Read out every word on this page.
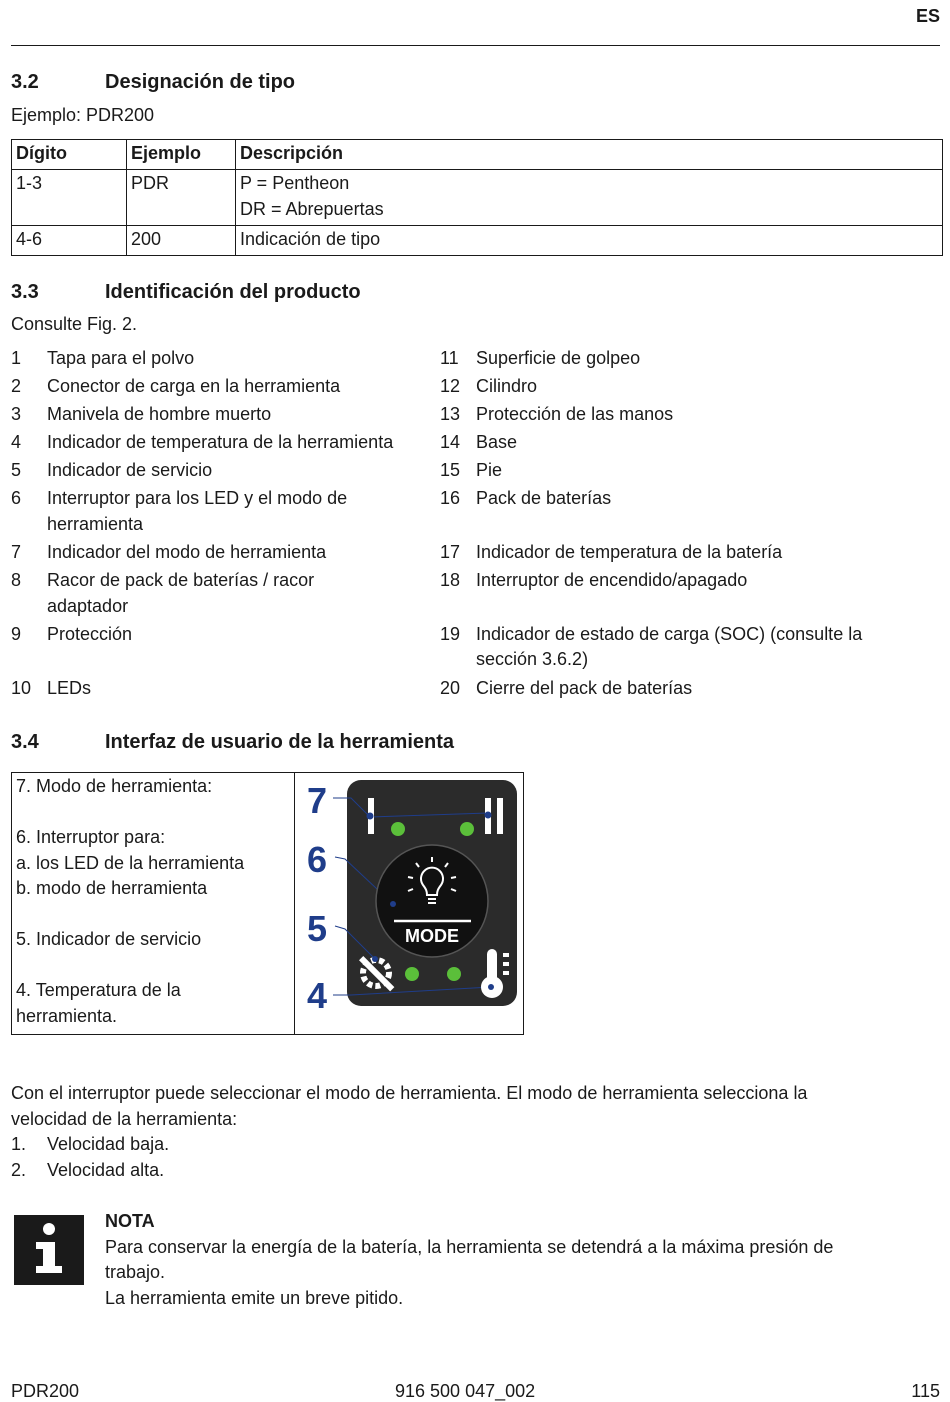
ES
3.2	Designación de tipo
Ejemplo: PDR200
Dígito	Ejemplo	Descripción
1-3	PDR	P = Pentheon
DR = Abrepuertas

4-6	200	Indicación de tipo
3.3	Identificación del producto
Consulte Fig. 2.
1 Tapa para el polvo
2 Conector de carga en la herramienta
3 Manivela de hombre muerto
4 Indicador de temperatura de la herramienta
5 Indicador de servicio
6 Interruptor para los LED y el modo de
herramienta
7 Indicador del modo de herramienta
8 Racor de pack de baterías / racor
adaptador
9 Protección
10 LEDs
11 Superficie de golpeo
12 Cilindro
13 Protección de las manos
14 Base
15 Pie
16 Pack de baterías
17 Indicador de temperatura de la batería
18 Interruptor de encendido/apagado
19 Indicador de estado de carga (SOC) (consulte la
sección 3.6.2)
20 Cierre del pack de baterías
3.4	Interfaz de usuario de la herramienta
7. Modo de herramienta:
6. Interruptor para:
a. los LED de la herramienta
b. modo de herramienta
5. Indicador de servicio
4. Temperatura de la
herramienta.
7
6
5
4
MODE
Con el interruptor puede seleccionar el modo de herramienta. El modo de herramienta selecciona la
velocidad de la herramienta:
1. Velocidad baja.
2. Velocidad alta.
NOTA
Para conservar la energía de la batería, la herramienta se detendrá a la máxima presión de
trabajo.
La herramienta emite un breve pitido.
PDR200	916 500 047_002	115
